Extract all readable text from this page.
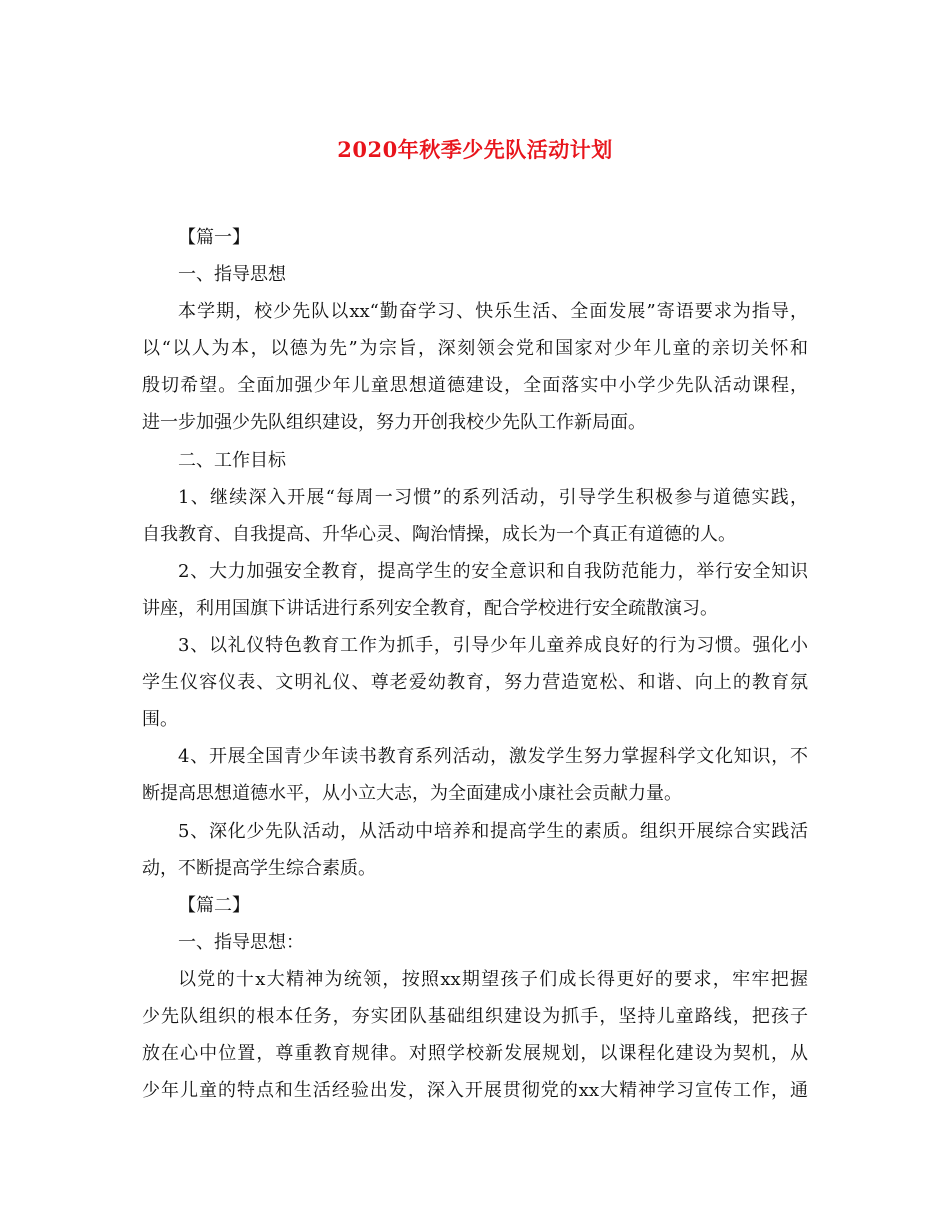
2020年秋季少先队活动计划
【篇一】
一、指导思想
本学期，校少先队以xx“勤奋学习、快乐生活、全面发展”寄语要求为指导，
以“以人为本，以德为先”为宗旨，深刻领会党和国家对少年儿童的亲切关怀和
殷切希望。全面加强少年儿童思想道德建设，全面落实中小学少先队活动课程，
进一步加强少先队组织建设，努力开创我校少先队工作新局面。
二、工作目标
1、继续深入开展“每周一习惯”的系列活动，引导学生积极参与道德实践，
自我教育、自我提高、升华心灵、陶治情操，成长为一个真正有道德的人。
2、大力加强安全教育，提高学生的安全意识和自我防范能力，举行安全知识
讲座，利用国旗下讲话进行系列安全教育，配合学校进行安全疏散演习。
3、以礼仪特色教育工作为抓手，引导少年儿童养成良好的行为习惯。强化小
学生仪容仪表、文明礼仪、尊老爱幼教育，努力营造宽松、和谐、向上的教育氛
围。
4、开展全国青少年读书教育系列活动，激发学生努力掌握科学文化知识，不
断提高思想道德水平，从小立大志，为全面建成小康社会贡献力量。
5、深化少先队活动，从活动中培养和提高学生的素质。组织开展综合实践活
动，不断提高学生综合素质。
【篇二】
一、指导思想：
以党的十x大精神为统领，按照xx期望孩子们成长得更好的要求，牢牢把握
少先队组织的根本任务，夯实团队基础组织建设为抓手，坚持儿童路线，把孩子
放在心中位置，尊重教育规律。对照学校新发展规划，以课程化建设为契机，从
少年儿童的特点和生活经验出发，深入开展贯彻党的xx大精神学习宣传工作，通
